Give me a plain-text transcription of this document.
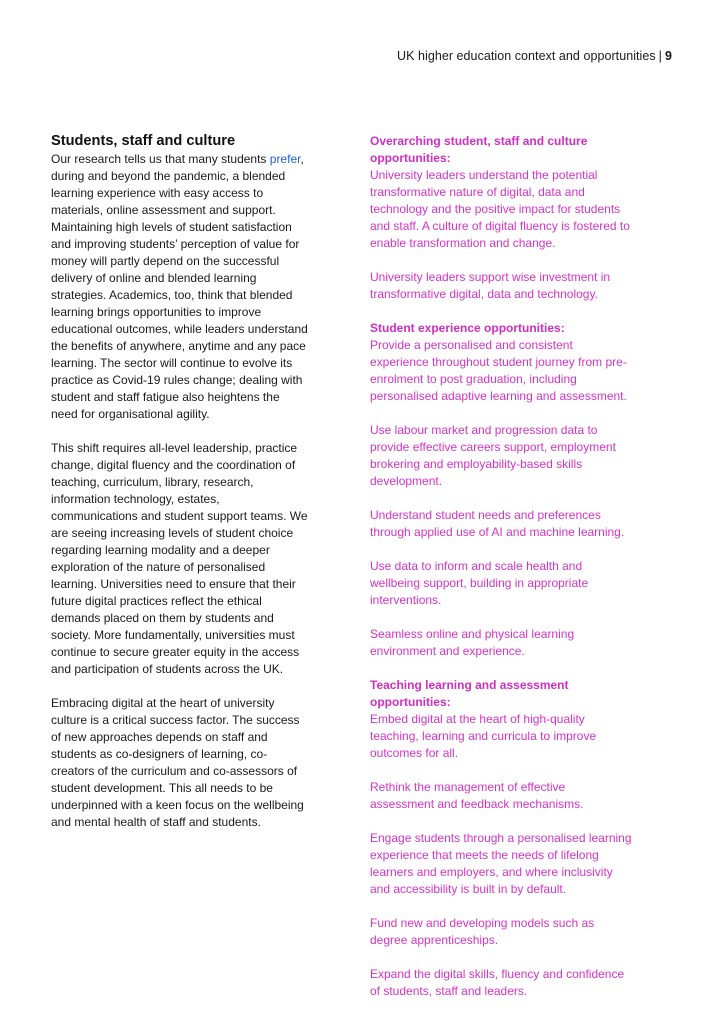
UK higher education context and opportunities | 9
Students, staff and culture

Our research tells us that many students prefer, during and beyond the pandemic, a blended learning experience with easy access to materials, online assessment and support. Maintaining high levels of student satisfaction and improving students’ perception of value for money will partly depend on the successful delivery of online and blended learning strategies. Academics, too, think that blended learning brings opportunities to improve educational outcomes, while leaders understand the benefits of anywhere, anytime and any pace learning. The sector will continue to evolve its practice as Covid-19 rules change; dealing with student and staff fatigue also heightens the need for organisational agility.

This shift requires all-level leadership, practice change, digital fluency and the coordination of teaching, curriculum, library, research, information technology, estates, communications and student support teams. We are seeing increasing levels of student choice regarding learning modality and a deeper exploration of the nature of personalised learning. Universities need to ensure that their future digital practices reflect the ethical demands placed on them by students and society. More fundamentally, universities must continue to secure greater equity in the access and participation of students across the UK.

Embracing digital at the heart of university culture is a critical success factor. The success of new approaches depends on staff and students as co-designers of learning, co-creators of the curriculum and co-assessors of student development. This all needs to be underpinned with a keen focus on the wellbeing and mental health of staff and students.

Overarching student, staff and culture opportunities:

University leaders understand the potential transformative nature of digital, data and technology and the positive impact for students and staff. A culture of digital fluency is fostered to enable transformation and change.

University leaders support wise investment in transformative digital, data and technology.

Student experience opportunities:

Provide a personalised and consistent experience throughout student journey from pre-enrolment to post graduation, including personalised adaptive learning and assessment.

Use labour market and progression data to provide effective careers support, employment brokering and employability-based skills development.

Understand student needs and preferences through applied use of AI and machine learning.

Use data to inform and scale health and wellbeing support, building in appropriate interventions.

Seamless online and physical learning environment and experience.

Teaching learning and assessment opportunities:

Embed digital at the heart of high-quality teaching, learning and curricula to improve outcomes for all.

Rethink the management of effective assessment and feedback mechanisms.

Engage students through a personalised learning experience that meets the needs of lifelong learners and employers, and where inclusivity and accessibility is built in by default.

Fund new and developing models such as degree apprenticeships.

Expand the digital skills, fluency and confidence of students, staff and leaders.
